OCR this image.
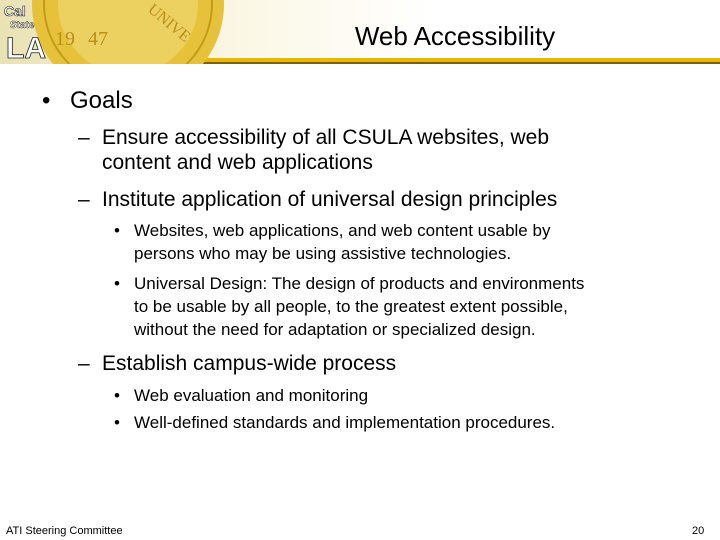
19 47 UNIVE
Cal
State
LA	Web Accessibility
• Goals
– Ensure accessibility of all CSULA websites, web
content and web applications
– Institute application of universal design principles
• Websites, web applications, and web content usable by
persons who may be using assistive technologies.
• Universal Design: The design of products and environments
to be usable by all people, to the greatest extent possible,
without the need for adaptation or specialized design.
– Establish campus-wide process
• Web evaluation and monitoring
• Well-defined standards and implementation procedures.
ATI Steering Committee	20
